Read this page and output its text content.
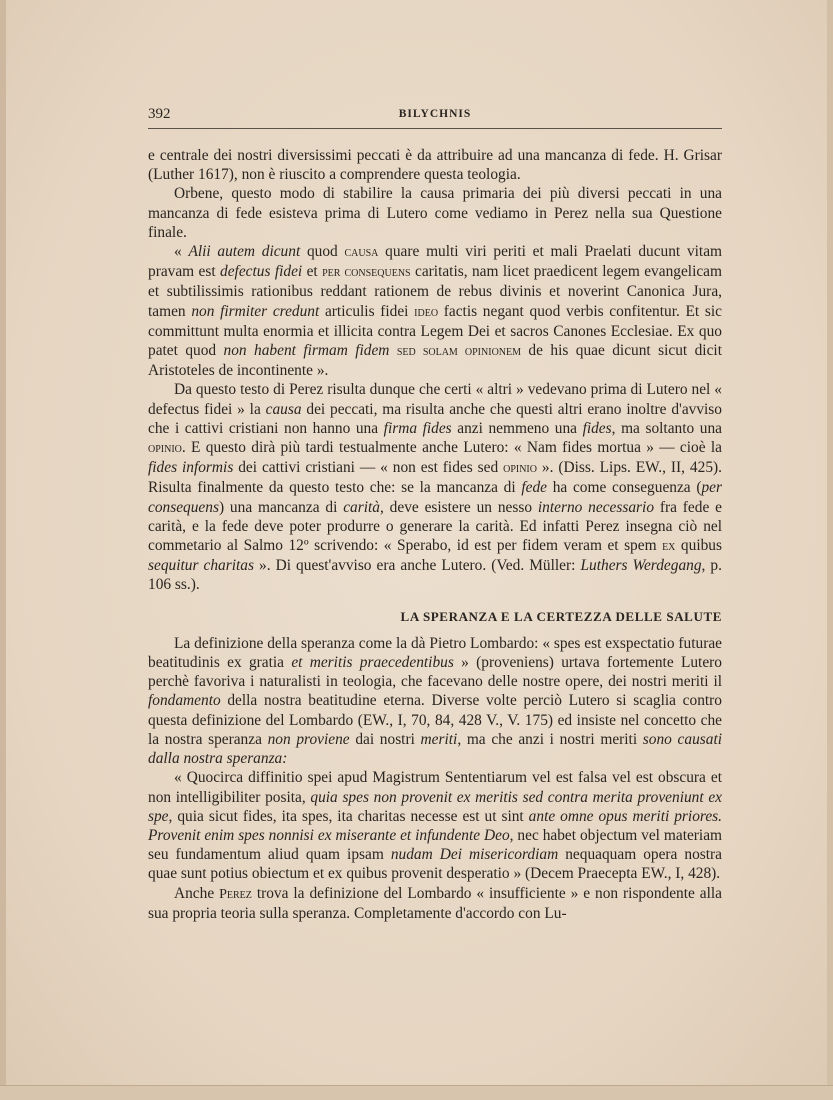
392	BILYCHNIS

e centrale dei nostri diversissimi peccati è da attribuire ad una mancanza di fede. H. Grisar (Luther 1617), non è riuscito a comprendere questa teologia.

Orbene, questo modo di stabilire la causa primaria dei più diversi peccati in una mancanza di fede esisteva prima di Lutero come vediamo in Perez nella sua Questione finale.

« Alii autem dicunt quod causa quare multi viri periti et mali Praelati ducunt vitam pravam est defectus fidei et per consequens caritatis, nam licet praedicent legem evangelicam et subtilissimis rationibus reddant rationem de rebus divinis et noverint Canonica Jura, tamen non firmiter credunt articulis fidei ideo factis negant quod verbis confitentur. Et sic committunt multa enormia et illicita contra Legem Dei et sacros Canones Ecclesiae. Ex quo patet quod non habent firmam fidem sed solam opinionem de his quae dicunt sicut dicit Aristoteles de incontinente ».

Da questo testo di Perez risulta dunque che certi « altri » vedevano prima di Lutero nel « defectus fidei » la causa dei peccati, ma risulta anche che questi altri erano inoltre d'avviso che i cattivi cristiani non hanno una firma fides anzi nemmeno una fides, ma soltanto una opinio. E questo dirà più tardi testualmente anche Lutero: « Nam fides mortua » — cioè la fides informis dei cattivi cristiani — « non est fides sed opinio ». (Diss. Lips. EW., II, 425). Risulta finalmente da questo testo che: se la mancanza di fede ha come conseguenza (per consequens) una mancanza di carità, deve esistere un nesso interno necessario fra fede e carità, e la fede deve poter produrre o generare la carità. Ed infatti Perez insegna ciò nel commetario al Salmo 12º scrivendo: « Sperabo, id est per fidem veram et spem ex quibus sequitur charitas ». Di quest'avviso era anche Lutero. (Ved. Müller: Luthers Werdegang, p. 106 ss.).

LA SPERANZA E LA CERTEZZA DELLE SALUTE

La definizione della speranza come la dà Pietro Lombardo: « spes est exspectatio futurae beatitudinis ex gratia et meritis praecedentibus » (proveniens) urtava fortemente Lutero perchè favoriva i naturalisti in teologia, che facevano delle nostre opere, dei nostri meriti il fondamento della nostra beatitudine eterna. Diverse volte perciò Lutero si scaglia contro questa definizione del Lombardo (EW., I, 70, 84, 428 V., V. 175) ed insiste nel concetto che la nostra speranza non proviene dai nostri meriti, ma che anzi i nostri meriti sono causati dalla nostra speranza:

« Quocirca diffinitio spei apud Magistrum Sententiarum vel est falsa vel est obscura et non intelligibiliter posita, quia spes non provenit ex meritis sed contra merita proveniunt ex spe, quia sicut fides, ita spes, ita charitas necesse est ut sint ante omne opus meriti priores. Provenit enim spes nonnisi ex miserante et infundente Deo, nec habet objectum vel materiam seu fundamentum aliud quam ipsam nudam Dei misericordiam nequaquam opera nostra quae sunt potius obiectum et ex quibus provenit desperatio » (Decem Praecepta EW., I, 428).

Anche Perez trova la definizione del Lombardo « insufficiente » e non rispondente alla sua propria teoria sulla speranza. Completamente d'accordo con Lu-
